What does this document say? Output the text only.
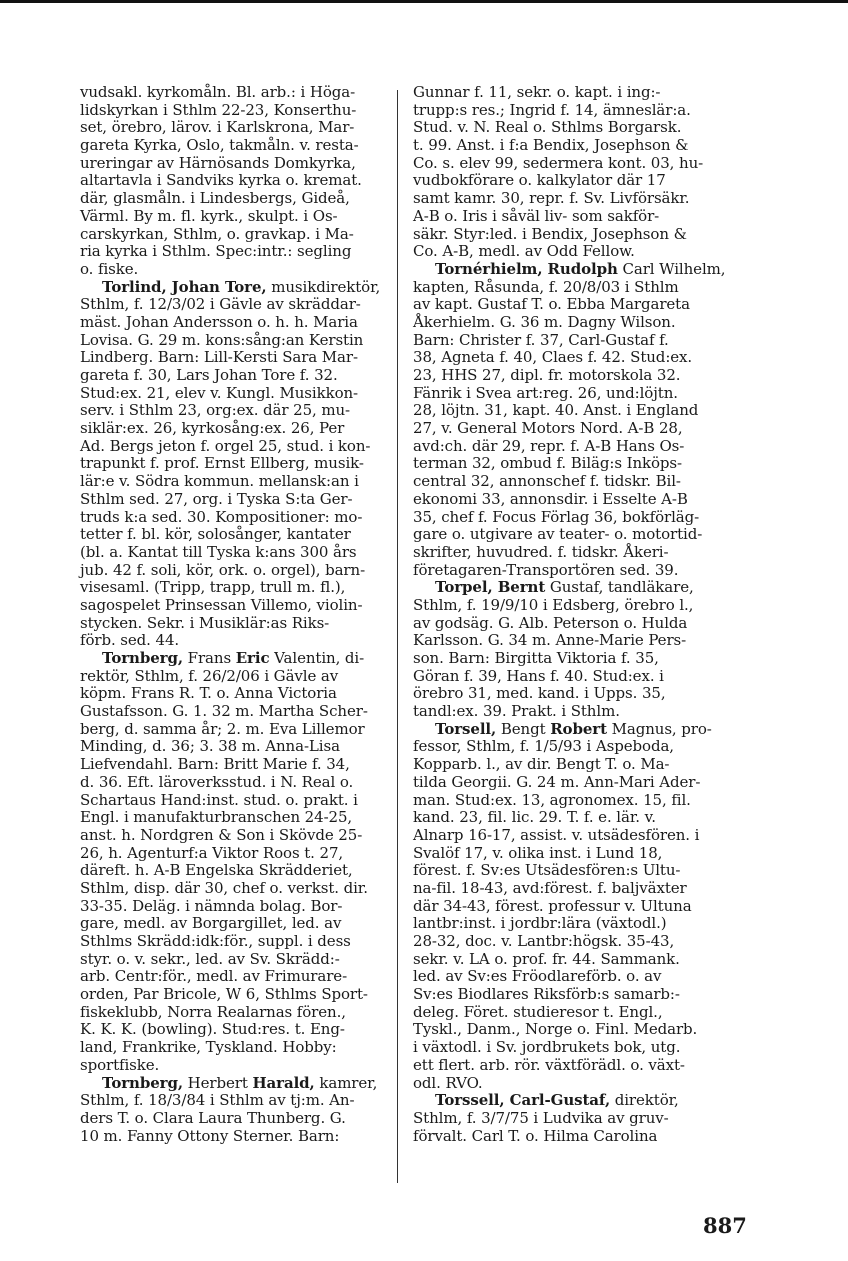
vudsakl. kyrkomåln. Bl. arb.: i Höga-
lidskyrkan i Sthlm 22-23, Konserthu-
set, örebro, lärov. i Karlskrona, Mar-
gareta Kyrka, Oslo, takmåln. v. resta-
ureringar av Härnösands Domkyrka,
altartavla i Sandviks kyrka o. kremat.
där, glasmåln. i Lindesbergs, Gideå,
Värml. By m. fl. kyrk., skulpt. i Os-
carskyrkan, Sthlm, o. gravkap. i Ma-
ria kyrka i Sthlm. Spec:intr.: segling
o. fiske.
Torlind, Johan Tore, musikdirektör,
Sthlm, f. 12/3/02 i Gävle av skräddar-
mäst. Johan Andersson o. h. h. Maria
Lovisa. G. 29 m. kons:sång:an Kerstin
Lindberg. Barn: Lill-Kersti Sara Mar-
gareta f. 30, Lars Johan Tore f. 32.
Stud:ex. 21, elev v. Kungl. Musikkon-
serv. i Sthlm 23, org:ex. där 25, mu-
siklär:ex. 26, kyrkosång:ex. 26, Per
Ad. Bergs jeton f. orgel 25, stud. i kon-
trapunkt f. prof. Ernst Ellberg, musik-
lär:e v. Södra kommun. mellansk:an i
Sthlm sed. 27, org. i Tyska S:ta Ger-
truds k:a sed. 30. Kompositioner: mo-
tetter f. bl. kör, solosånger, kantater
(bl. a. Kantat till Tyska k:ans 300 års
jub. 42 f. soli, kör, ork. o. orgel), barn-
visesaml. (Tripp, trapp, trull m. fl.),
sagospelet Prinsessan Villemo, violin-
stycken. Sekr. i Musiklär:as Riks-
förb. sed. 44.
Tornberg, Frans Eric Valentin, di-
rektör, Sthlm, f. 26/2/06 i Gävle av
köpm. Frans R. T. o. Anna Victoria
Gustafsson. G. 1. 32 m. Martha Scher-
berg, d. samma år; 2. m. Eva Lillemor
Minding, d. 36; 3. 38 m. Anna-Lisa
Liefvendahl. Barn: Britt Marie f. 34,
d. 36. Eft. läroverksstud. i N. Real o.
Schartaus Hand:inst. stud. o. prakt. i
Engl. i manufakturbranschen 24-25,
anst. h. Nordgren & Son i Skövde 25-
26, h. Agenturf:a Viktor Roos t. 27,
däreft. h. A-B Engelska Skrädderiet,
Sthlm, disp. där 30, chef o. verkst. dir.
33-35. Deläg. i nämnda bolag. Bor-
gare, medl. av Borgargillet, led. av
Sthlms Skrädd:idk:för., suppl. i dess
styr. o. v. sekr., led. av Sv. Skrädd:-
arb. Centr:för., medl. av Frimurare-
orden, Par Bricole, W 6, Sthlms Sport-
fiskeklubb, Norra Realarnas fören.,
K. K. K. (bowling). Stud:res. t. Eng-
land, Frankrike, Tyskland. Hobby:
sportfiske.
Tornberg, Herbert Harald, kamrer,
Sthlm, f. 18/3/84 i Sthlm av tj:m. An-
ders T. o. Clara Laura Thunberg. G.
10 m. Fanny Ottony Sterner. Barn:
Gunnar f. 11, sekr. o. kapt. i ing:-
trupp:s res.; Ingrid f. 14, ämneslär:a.
Stud. v. N. Real o. Sthlms Borgarsk.
t. 99. Anst. i f:a Bendix, Josephson &
Co. s. elev 99, sedermera kont. 03, hu-
vudbokförare o. kalkylator där 17
samt kamr. 30, repr. f. Sv. Livförsäkr.
A-B o. Iris i såväl liv- som sakför-
säkr. Styr:led. i Bendix, Josephson &
Co. A-B, medl. av Odd Fellow.
Tornérhielm, Rudolph Carl Wilhelm,
kapten, Råsunda, f. 20/8/03 i Sthlm
av kapt. Gustaf T. o. Ebba Margareta
Åkerhielm. G. 36 m. Dagny Wilson.
Barn: Christer f. 37, Carl-Gustaf f.
38, Agneta f. 40, Claes f. 42. Stud:ex.
23, HHS 27, dipl. fr. motorskola 32.
Fänrik i Svea art:reg. 26, und:löjtn.
28, löjtn. 31, kapt. 40. Anst. i England
27, v. General Motors Nord. A-B 28,
avd:ch. där 29, repr. f. A-B Hans Os-
terman 32, ombud f. Biläg:s Inköps-
central 32, annonschef f. tidskr. Bil-
ekonomi 33, annonsdir. i Esselte A-B
35, chef f. Focus Förlag 36, bokförläg-
gare o. utgivare av teater- o. motortid-
skrifter, huvudred. f. tidskr. Åkeri-
företagaren-Transportören sed. 39.
Torpel, Bernt Gustaf, tandläkare,
Sthlm, f. 19/9/10 i Edsberg, örebro l.,
av godsäg. G. Alb. Peterson o. Hulda
Karlsson. G. 34 m. Anne-Marie Pers-
son. Barn: Birgitta Viktoria f. 35,
Göran f. 39, Hans f. 40. Stud:ex. i
örebro 31, med. kand. i Upps. 35,
tandl:ex. 39. Prakt. i Sthlm.
Torsell, Bengt Robert Magnus, pro-
fessor, Sthlm, f. 1/5/93 i Aspeboda,
Kopparb. l., av dir. Bengt T. o. Ma-
tilda Georgii. G. 24 m. Ann-Mari Ader-
man. Stud:ex. 13, agronomex. 15, fil.
kand. 23, fil. lic. 29. T. f. e. lär. v.
Alnarp 16-17, assist. v. utsädesfören. i
Svalöf 17, v. olika inst. i Lund 18,
förest. f. Sv:es Utsädesfören:s Ultu-
na-fil. 18-43, avd:förest. f. baljväxter
där 34-43, förest. professur v. Ultuna
lantbr:inst. i jordbr:lära (växtodl.)
28-32, doc. v. Lantbr:högsk. 35-43,
sekr. v. LA o. prof. fr. 44. Sammank.
led. av Sv:es Fröodlareförb. o. av
Sv:es Biodlares Riksförb:s samarb:-
deleg. Föret. studieresor t. Engl.,
Tyskl., Danm., Norge o. Finl. Medarb.
i växtodl. i Sv. jordbrukets bok, utg.
ett flert. arb. rör. växtförädl. o. växt-
odl. RVO.
Torssell, Carl-Gustaf, direktör,
Sthlm, f. 3/7/75 i Ludvika av gruv-
förvalt. Carl T. o. Hilma Carolina
887
